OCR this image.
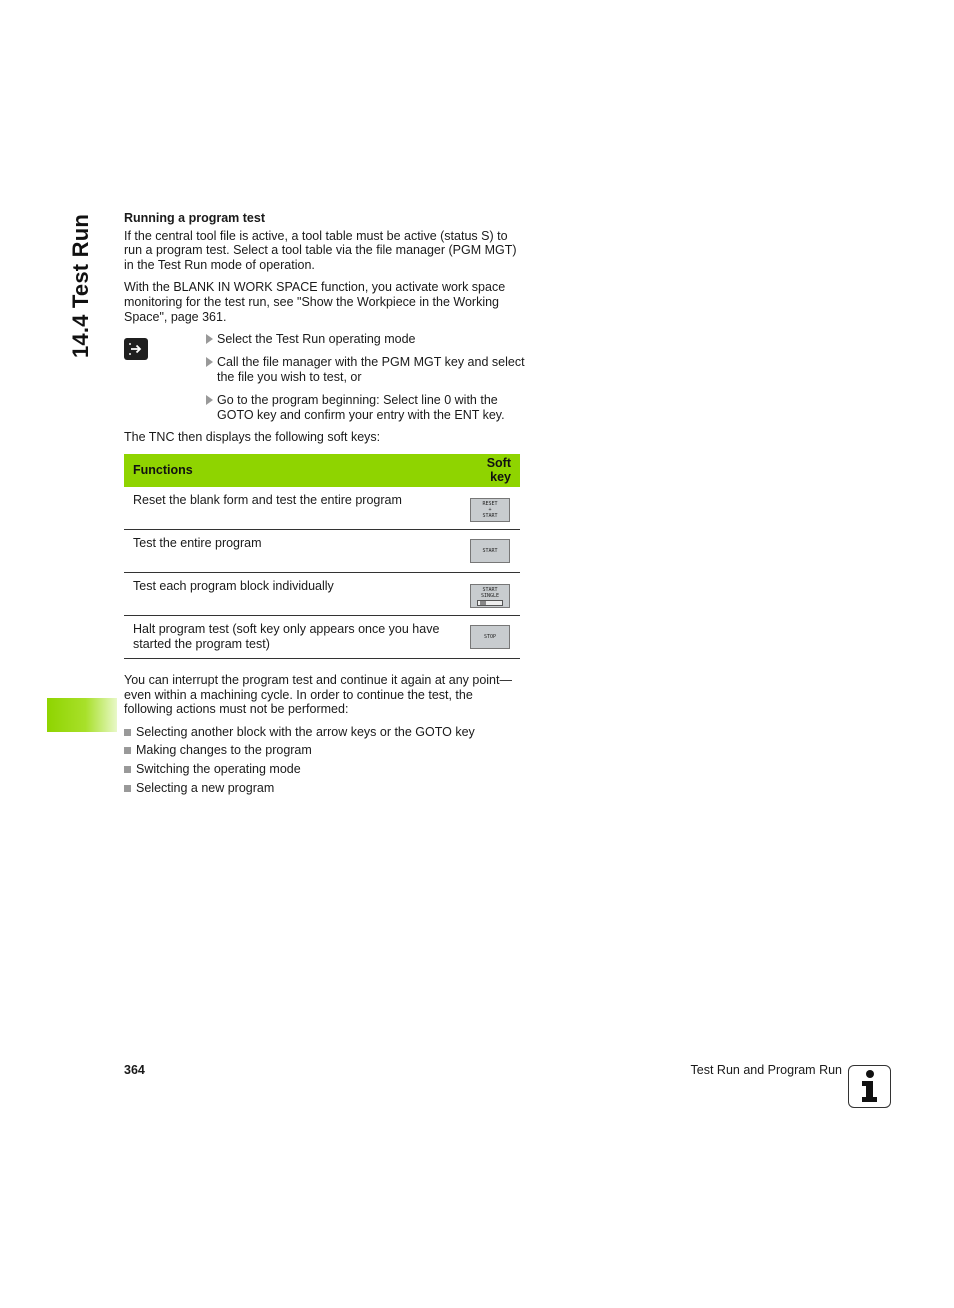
14.4 Test Run Running a program test

If the central tool file is active, a tool table must be active (status S) to run a program test. Select a tool table via the file manager (PGM MGT) in the Test Run mode of operation.

With the BLANK IN WORK SPACE function, you activate work space monitoring for the test run, see "Show the Workpiece in the Working Space", page 361.

Select the Test Run operating mode
Call the file manager with the PGM MGT key and select the file you wish to test, or
Go to the program beginning: Select line 0 with the GOTO key and confirm your entry with the ENT key.

The TNC then displays the following soft keys:

Functions	Soft key
Reset the blank form and test the entire program	RESET
+
START

Test the entire program	START

Test each program block individually	START
SINGLE

Halt program test (soft key only appears once you have started the program test)	STOP

You can interrupt the program test and continue it again at any point—even within a machining cycle. In order to continue the test, the following actions must not be performed:

Selecting another block with the arrow keys or the GOTO key
Making changes to the program
Switching the operating mode
Selecting a new program
364	Test Run and Program Run
